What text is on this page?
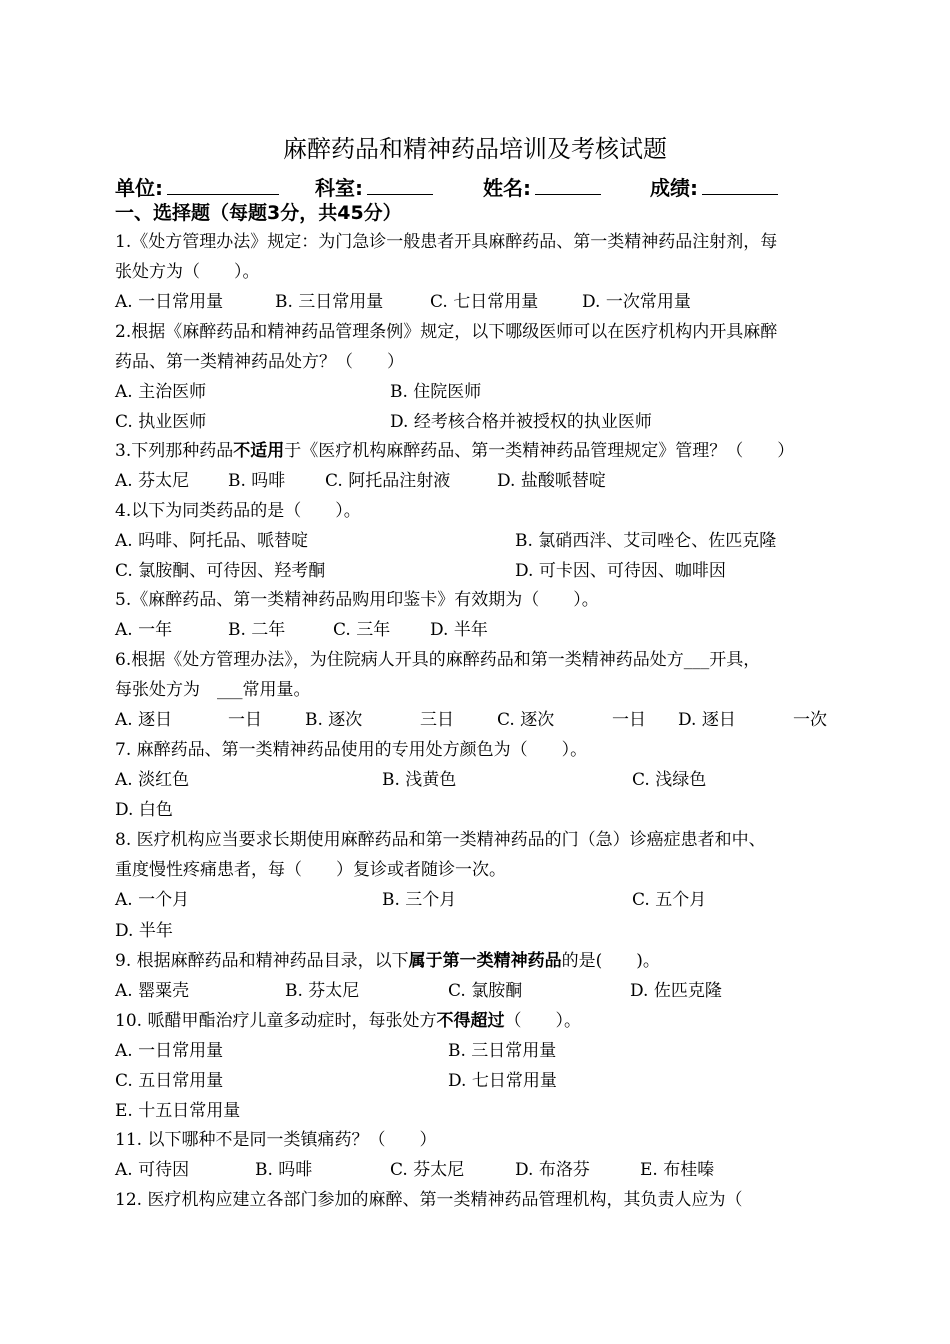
麻醉药品和精神药品培训及考核试题
单位:	科室:	姓名:	成绩:
一、选择题（每题3分，共45分）
1.《处方管理办法》规定：为门急诊一般患者开具麻醉药品、第一类精神药品注射剂，每
张处方为（　　）。
A. 一日常用量	B. 三日常用量	C. 七日常用量	D. 一次常用量
2.根据《麻醉药品和精神药品管理条例》规定，以下哪级医师可以在医疗机构内开具麻醉
药品、第一类精神药品处方？（　　）
A. 主治医师	B. 住院医师
C. 执业医师	D. 经考核合格并被授权的执业医师
3.下列那种药品不适用于《医疗机构麻醉药品、第一类精神药品管理规定》管理？（　　）
A. 芬太尼 B. 吗啡 C. 阿托品注射液	D. 盐酸哌替啶
4.以下为同类药品的是（　　）。
A. 吗啡、阿托品、哌替啶	B. 氯硝西泮、艾司唑仑、佐匹克隆
C. 氯胺酮、可待因、羟考酮	D. 可卡因、可待因、咖啡因
5.《麻醉药品、第一类精神药品购用印鉴卡》有效期为（　　）。
A. 一年	B. 二年	C. 三年 D. 半年
6.根据《处方管理办法》，为住院病人开具的麻醉药品和第一类精神药品处方___开具，
每张处方为　___常用量。
A. 逐日	一日	B. 逐次	三日	C. 逐次	一日 D. 逐日	一次
7. 麻醉药品、第一类精神药品使用的专用处方颜色为（　　）。
A. 淡红色	B. 浅黄色	C. 浅绿色
D. 白色
8. 医疗机构应当要求长期使用麻醉药品和第一类精神药品的门（急）诊癌症患者和中、
重度慢性疼痛患者，每（　　）复诊或者随诊一次。
A. 一个月	B. 三个月	C. 五个月
D. 半年
9. 根据麻醉药品和精神药品目录，以下属于第一类精神药品的是(　　)。
A. 罂粟壳	B. 芬太尼	C. 氯胺酮	D. 佐匹克隆
10. 哌醋甲酯治疗儿童多动症时，每张处方不得超过（　　）。
A. 一日常用量	B. 三日常用量
C. 五日常用量	D. 七日常用量
E. 十五日常用量
11. 以下哪种不是同一类镇痛药？（　　）
A. 可待因	B. 吗啡	C. 芬太尼	D. 布洛芬	E. 布桂嗪
12. 医疗机构应建立各部门参加的麻醉、第一类精神药品管理机构，其负责人应为（
